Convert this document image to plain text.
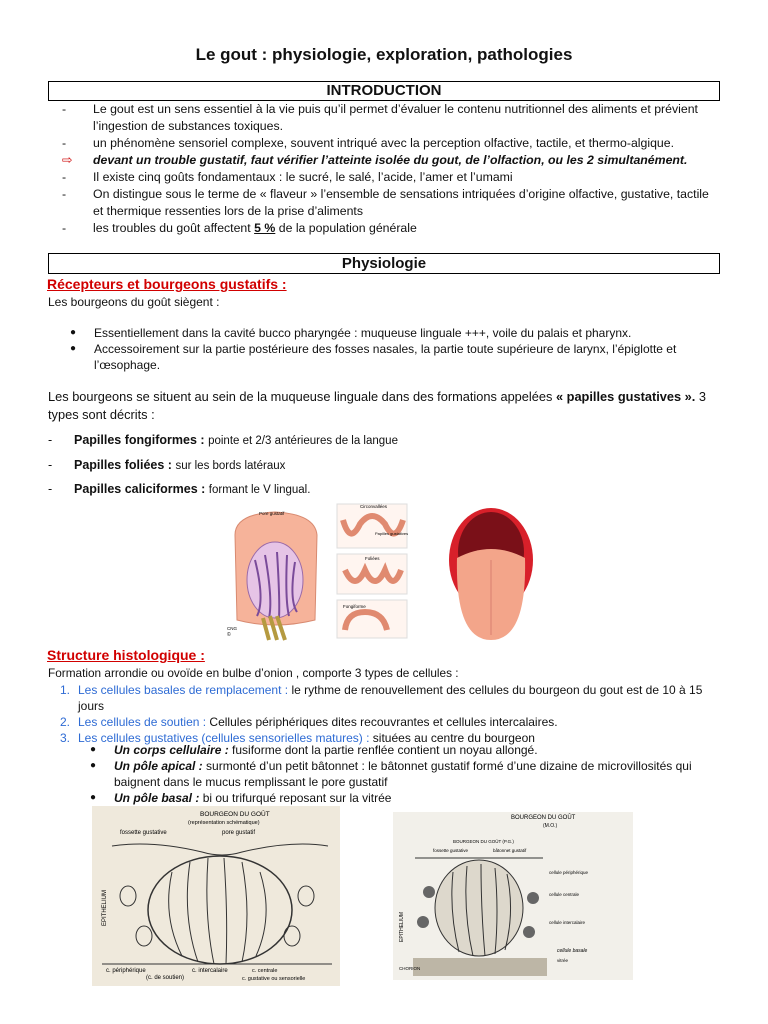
Le gout : physiologie, exploration, pathologies
INTRODUCTION
-	Le gout est un sens essentiel à la vie puis qu’il permet d’évaluer le contenu nutritionnel des aliments et prévient l’ingestion de substances toxiques.
-	un phénomène sensoriel complexe, souvent intriqué avec la perception olfactive, tactile, et thermo-algique.
⇨	devant un trouble gustatif, faut vérifier l’atteinte isolée du gout, de l’olfaction, ou les 2 simultanément.
-	Il existe cinq goûts fondamentaux : le sucré, le salé, l’acide, l’amer et l’umami
-	On distingue sous le terme de « flaveur » l’ensemble de sensations intriquées d’origine olfactive, gustative, tactile et thermique ressenties lors de la prise d’aliments
-	les troubles du goût affectent 5 % de la population générale
Physiologie
Récepteurs et bourgeons gustatifs :
Les bourgeons du goût siègent :
●	Essentiellement dans la cavité bucco pharyngée : muqueuse linguale +++, voile du palais et pharynx.
●	Accessoirement sur la partie postérieure des fosses nasales, la partie toute supérieure de larynx, l’épiglotte et l’œsophage.
Les bourgeons se situent au sein de la muqueuse linguale dans des formations appelées « papilles gustatives ». 3 types sont décrits :
- Papilles fongiformes : pointe et 2/3 antérieures de la langue
- Papilles foliées : sur les bords latéraux
- Papilles caliciformes : formant le V lingual.
Pore gustatif
CNG
©
Circonvallées
Papilles gustatives
Foliées
Fongiforme
Structure histologique :
Formation arrondie ou ovoïde en bulbe d’onion , comporte 3 types de cellules :
1. Les cellules basales de remplacement : le rythme de renouvellement des cellules du bourgeon du gout est de 10 à 15 jours
2. Les cellules de soutien : Cellules périphériques dites recouvrantes et cellules intercalaires.
3. Les cellules gustatives (cellules sensorielles matures) : situées au centre du bourgeon
●	Un corps cellulaire : fusiforme dont la partie renflée contient un noyau allongé.
●	Un pôle apical : surmonté d’un petit bâtonnet : le bâtonnet gustatif formé d’une dizaine de microvillosités qui baignent dans le mucus remplissant le pore gustatif
●	Un pôle basal : bi ou trifurqué reposant sur la vitrée
BOURGEON DU GOÛT
(représentation schématique)
fossette gustative	pore gustatif
EPITHELIUM
c. périphérique	c. intercalaire
(c. de soutien)
c. centrale
c. gustative ou sensorielle
BOURGEON DU GOÛT
(M.O.)
BOURGEON DU GOÛT (P.G.)
fossette gustative	bâtonnet gustatif
EPITHELIUM
cellule périphérique
cellule centrale
cellule intercalaire
cellule basale
vitrée
CHORION
